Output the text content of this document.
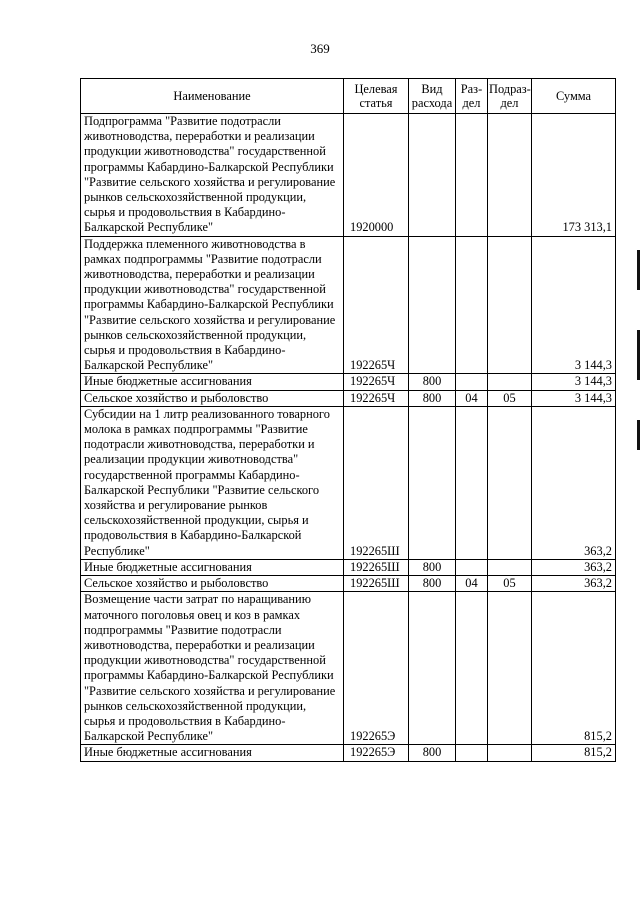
369
Наименование	Целевая статья	Вид расхода	Раз- дел	Подраз- дел	Сумма
Подпрограмма "Развитие подотрасли животноводства, переработки и реализации продукции животноводства" государственной программы Кабардино-Балкарской Республики "Развитие сельского хозяйства и регулирование рынков сельскохозяйственной продукции, сырья и продовольствия в Кабардино-Балкарской Республике"	1920000				173 313,1
Поддержка племенного животноводства в рамках подпрограммы "Развитие подотрасли животноводства, переработки и реализации продукции животноводства" государственной программы Кабардино-Балкарской Республики "Развитие сельского хозяйства и регулирование рынков сельскохозяйственной продукции, сырья и продовольствия в Кабардино-Балкарской Республике"	192265Ч				3 144,3
Иные бюджетные ассигнования	192265Ч	800			3 144,3
Сельское хозяйство и рыболовство	192265Ч	800	04	05	3 144,3
Субсидии на 1 литр реализованного товарного молока в рамках подпрограммы "Развитие подотрасли животноводства, переработки и реализации продукции животноводства" государственной программы Кабардино-Балкарской Республики "Развитие сельского хозяйства и регулирование рынков сельскохозяйственной продукции, сырья и продовольствия в Кабардино-Балкарской Республике"	192265Ш				363,2
Иные бюджетные ассигнования	192265Ш	800			363,2
Сельское хозяйство и рыболовство	192265Ш	800	04	05	363,2
Возмещение части затрат по наращиванию маточного поголовья овец и коз в рамках подпрограммы "Развитие подотрасли животноводства, переработки и реализации продукции животноводства" государственной программы Кабардино-Балкарской Республики "Развитие сельского хозяйства и регулирование рынков сельскохозяйственной продукции, сырья и продовольствия в Кабардино-Балкарской Республике"	192265Э				815,2
Иные бюджетные ассигнования	192265Э	800			815,2
